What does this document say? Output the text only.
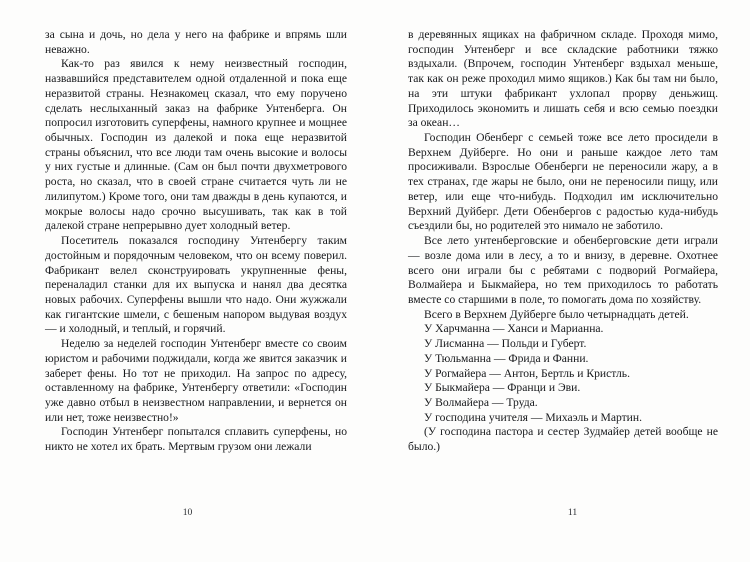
за сына и дочь, но дела у него на фабрике и впрямь шли неважно.

Как-то раз явился к нему неизвестный господин, назвавшийся представителем одной отдаленной и пока еще неразвитой страны. Незнакомец сказал, что ему поручено сделать неслыханный заказ на фабрике Унтенберга. Он попросил изготовить суперфены, намного крупнее и мощнее обычных. Господин из далекой и пока еще неразвитой страны объяснил, что все люди там очень высокие и волосы у них густые и длинные. (Сам он был почти двухметрового роста, но сказал, что в своей стране считается чуть ли не лилипутом.) Кроме того, они там дважды в день купаются, и мокрые волосы надо срочно высушивать, так как в той далекой стране непрерывно дует холодный ветер.

Посетитель показался господину Унтенбергу таким достойным и порядочным человеком, что он всему поверил. Фабрикант велел сконструировать укрупненные фены, переналадил станки для их выпуска и нанял два десятка новых рабочих. Суперфены вышли что надо. Они жужжали как гигантские шмели, с бешеным напором выдувая воздух — и холодный, и теплый, и горячий.

Неделю за неделей господин Унтенберг вместе со своим юристом и рабочими поджидали, когда же явится заказчик и заберет фены. Но тот не приходил. На запрос по адресу, оставленному на фабрике, Унтенбергу ответили: «Господин уже давно отбыл в неизвестном направлении, и вернется он или нет, тоже неизвестно!»

Господин Унтенберг попытался сплавить суперфены, но никто не хотел их брать. Мертвым грузом они лежали

10

в деревянных ящиках на фабричном складе. Проходя мимо, господин Унтенберг и все складские работники тяжко вздыхали. (Впрочем, господин Унтенберг вздыхал меньше, так как он реже проходил мимо ящиков.) Как бы там ни было, на эти штуки фабрикант ухлопал прорву деньжищ. Приходилось экономить и лишать себя и всю семью поездки за океан…

Господин Обенберг с семьей тоже все лето просидели в Верхнем Дуйберге. Но они и раньше каждое лето там просиживали. Взрослые Обенберги не переносили жару, а в тех странах, где жары не было, они не переносили пищу, или ветер, или еще что-нибудь. Подходил им исключительно Верхний Дуйберг. Дети Обенбергов с радостью куда-нибудь съездили бы, но родителей это нимало не заботило.

Все лето унтенберговские и обенберговские дети играли — возле дома или в лесу, а то и внизу, в деревне. Охотнее всего они играли бы с ребятами с подворий Рогмайера, Волмайера и Быкмайера, но тем приходилось то работать вместе со старшими в поле, то помогать дома по хозяйству.

Всего в Верхнем Дуйберге было четырнадцать детей.

У Харчманна — Ханси и Марианна.

У Лисманна — Польди и Губерт.

У Тюльманна — Фрида и Фанни.

У Рогмайера — Антон, Бертль и Кристль.

У Быкмайера — Франци и Эви.

У Волмайера — Труда.

У господина учителя — Михаэль и Мартин.

(У господина пастора и сестер Зудмайер детей вообще не было.)

11
